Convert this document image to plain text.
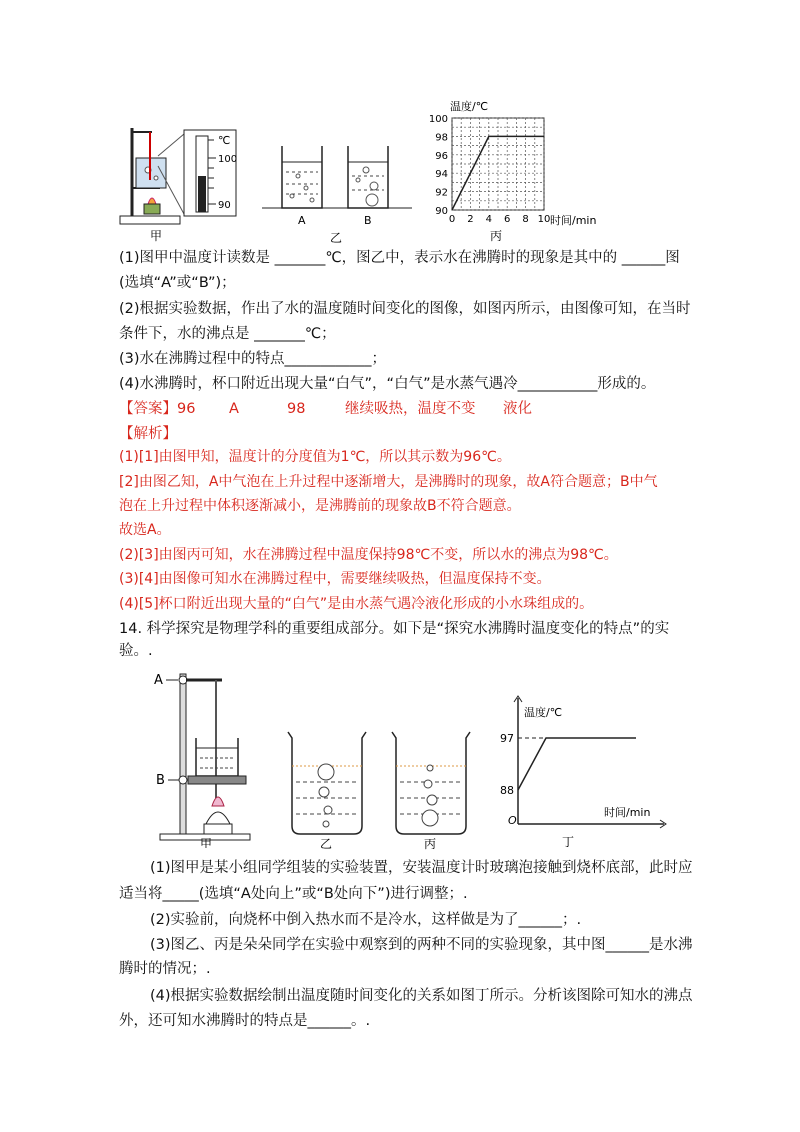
℃
100
90
甲
A	B
乙
温度/℃
时间/min
丙
100
98
96
94
92
90
0 2 4 6 8 10
(1)图甲中温度计读数是 _______℃，图乙中，表示水在沸腾时的现象是其中的 ______图
(选填“A”或“B”)；
(2)根据实验数据，作出了水的温度随时间变化的图像，如图丙所示，由图像可知，在当时
条件下，水的沸点是 _______℃；
(3)水在沸腾过程中的特点____________；
(4)水沸腾时，杯口附近出现大量“白气”，“白气”是水蒸气遇冷___________形成的。
【答案】96 A	98	继续吸热，温度不变 液化
【解析】
(1)[1]由图甲知，温度计的分度值为1℃，所以其示数为96℃。
[2]由图乙知，A中气泡在上升过程中逐渐增大，是沸腾时的现象，故A符合题意；B中气
泡在上升过程中体积逐渐减小，是沸腾前的现象故B不符合题意。
故选A。
(2)[3]由图丙可知，水在沸腾过程中温度保持98℃不变，所以水的沸点为98℃。
(3)[4]由图像可知水在沸腾过程中，需要继续吸热，但温度保持不变。
(4)[5]杯口附近出现大量的“白气”是由水蒸气遇冷液化形成的小水珠组成的。
14. 科学探究是物理学科的重要组成部分。如下是“探究水沸腾时温度变化的特点”的实
验。.
A
B
甲	乙	丙
温度/℃
时间/min
97
88
O
丁
(1)图甲是某小组同学组装的实验装置，安装温度计时玻璃泡接触到烧杯底部，此时应
适当将_____(选填“A处向上”或“B处向下”)进行调整；.
(2)实验前，向烧杯中倒入热水而不是冷水，这样做是为了______；.
(3)图乙、丙是朵朵同学在实验中观察到的两种不同的实验现象，其中图______是水沸
腾时的情况；.
(4)根据实验数据绘制出温度随时间变化的关系如图丁所示。分析该图除可知水的沸点
外，还可知水沸腾时的特点是______。.
